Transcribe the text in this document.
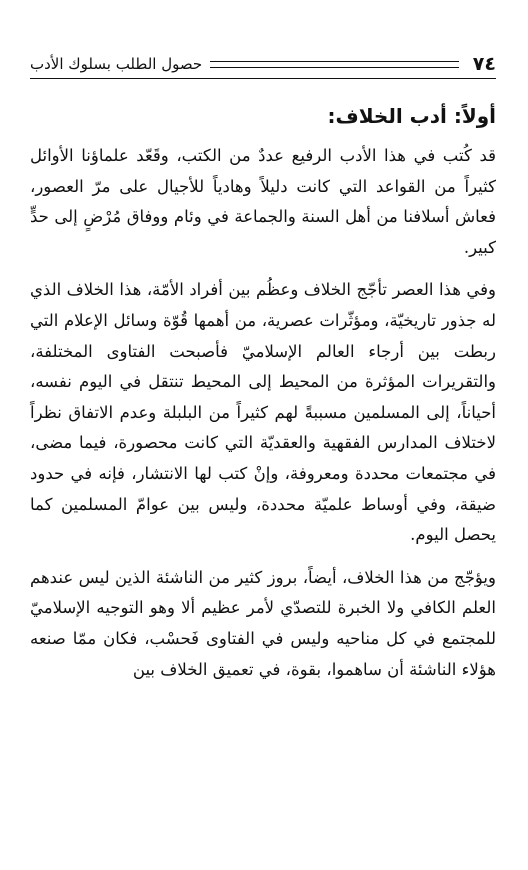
٧٤
حصول الطلب بسلوك الأدب
أولاً: أدب الخلاف:

قد كُتب في هذا الأدب الرفيع عددٌ من الكتب، وقَعّد علماؤنا الأوائل كثيراً من القواعد التي كانت دليلاً وهادياً للأجيال على مرّ العصور، فعاش أسلافنا من أهل السنة والجماعة في وئام ووفاق مُرْضٍ إلى حدٍّ كبير.

وفي هذا العصر تأجّج الخلاف وعظُم بين أفراد الأمّة، هذا الخلاف الذي له جذور تاريخيّة، ومؤثّرات عصرية، من أهمها قُوّة وسائل الإعلام التي ربطت بين أرجاء العالم الإسلاميّ فأصبحت الفتاوى المختلفة، والتقريرات المؤثرة من المحيط إلى المحيط تنتقل في اليوم نفسه، أحياناً، إلى المسلمين مسببةً لهم كثيراً من البلبلة وعدم الاتفاق نظراً لاختلاف المدارس الفقهية والعقديّة التي كانت محصورة، فيما مضى، في مجتمعات محددة ومعروفة، وإنْ كتب لها الانتشار، فإنه في حدود ضيقة، وفي أوساط علميّة محددة، وليس بين عوامّ المسلمين كما يحصل اليوم.

ويؤجّج من هذا الخلاف، أيضاً، بروز كثير من الناشئة الذين ليس عندهم العلم الكافي ولا الخبرة للتصدّي لأمر عظيم ألا وهو التوجيه الإسلاميّ للمجتمع في كل مناحيه وليس في الفتاوى فَحسْب، فكان ممّا صنعه هؤلاء الناشئة أن ساهموا، بقوة، في تعميق الخلاف بين
